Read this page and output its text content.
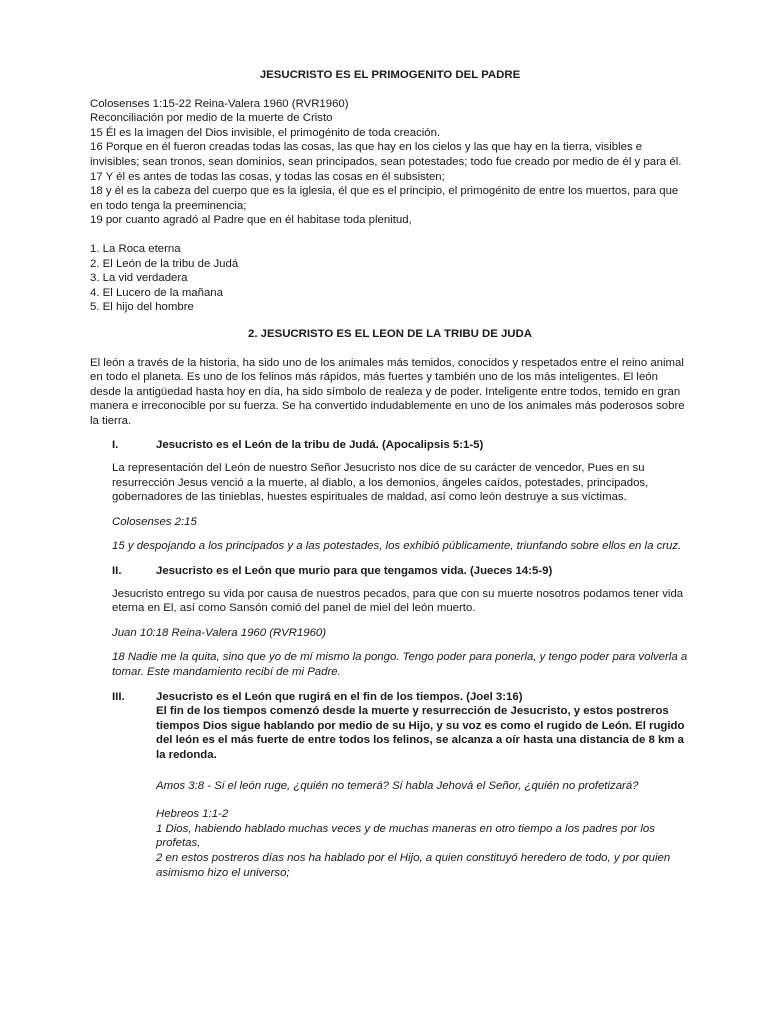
JESUCRISTO ES EL PRIMOGENITO DEL PADRE

Colosenses 1:15-22 Reina-Valera 1960 (RVR1960)

Reconciliación por medio de la muerte de Cristo

15 Él es la imagen del Dios invisible, el primogénito de toda creación.

16 Porque en él fueron creadas todas las cosas, las que hay en los cielos y las que hay en la tierra, visibles e invisibles; sean tronos, sean dominios, sean principados, sean potestades; todo fue creado por medio de él y para él.

17 Y él es antes de todas las cosas, y todas las cosas en él subsisten;

18 y él es la cabeza del cuerpo que es la iglesia, él que es el principio, el primogénito de entre los muertos, para que en todo tenga la preeminencia;

19 por cuanto agradó al Padre que en él habitase toda plenitud,

1. La Roca eterna

2. El León de la tribu de Judá

3. La vid verdadera

4. El Lucero de la mañana

5. El hijo del hombre

2. JESUCRISTO ES EL LEON DE LA TRIBU DE JUDA

El león a través de la historia, ha sido uno de los animales más temidos, conocidos y respetados entre el reino animal en todo el planeta. Es uno de los felinos más rápidos, más fuertes y también uno de los más inteligentes. El león desde la antigüedad hasta hoy en día, ha sido símbolo de realeza y de poder. Inteligente entre todos, temido en gran manera e irreconocible por su fuerza. Se ha convertido indudablemente en uno de los animales más poderosos sobre la tierra.

I.	Jesucristo es el León de la tribu de Judá. (Apocalipsis 5:1-5)

La representación del León de nuestro Señor Jesucristo nos dice de su carácter de vencedor, Pues en su resurrección Jesus venció a la muerte, al diablo, a los demonios, ángeles caídos, potestades, principados, gobernadores de las tinieblas, huestes espirituales de maldad, así como león destruye a sus víctimas.

Colosenses 2:15

15 y despojando a los principados y a las potestades, los exhibió públicamente, triunfando sobre ellos en la cruz.

II.	Jesucristo es el León que murio para que tengamos vida. (Jueces 14:5-9)

Jesucristo entrego su vida por causa de nuestros pecados, para que con su muerte nosotros podamos tener vida eterna en El, así como Sansón comió del panel de miel del león muerto.

Juan 10:18 Reina-Valera 1960 (RVR1960)

18 Nadie me la quita, sino que yo de mí mismo la pongo. Tengo poder para ponerla, y tengo poder para volverla a tomar. Este mandamiento recibí de mi Padre.

III.	Jesucristo es el León que rugirá en el fin de los tiempos. (Joel 3:16)

El fin de los tiempos comenzó desde la muerte y resurrección de Jesucristo, y estos postreros tiempos Dios sigue hablando por medio de su Hijo, y su voz es como el rugido de León. El rugido del león es el más fuerte de entre todos los felinos, se alcanza a oír hasta una distancia de 8 km a la redonda.

Amos 3:8 - Si el león ruge, ¿quién no temerá? Si habla Jehová el Señor, ¿quién no profetizará?

Hebreos 1:1-2

1 Dios, habiendo hablado muchas veces y de muchas maneras en otro tiempo a los padres por los profetas,

2 en estos postreros días nos ha hablado por el Hijo, a quien constituyó heredero de todo, y por quien asimismo hizo el universo;
